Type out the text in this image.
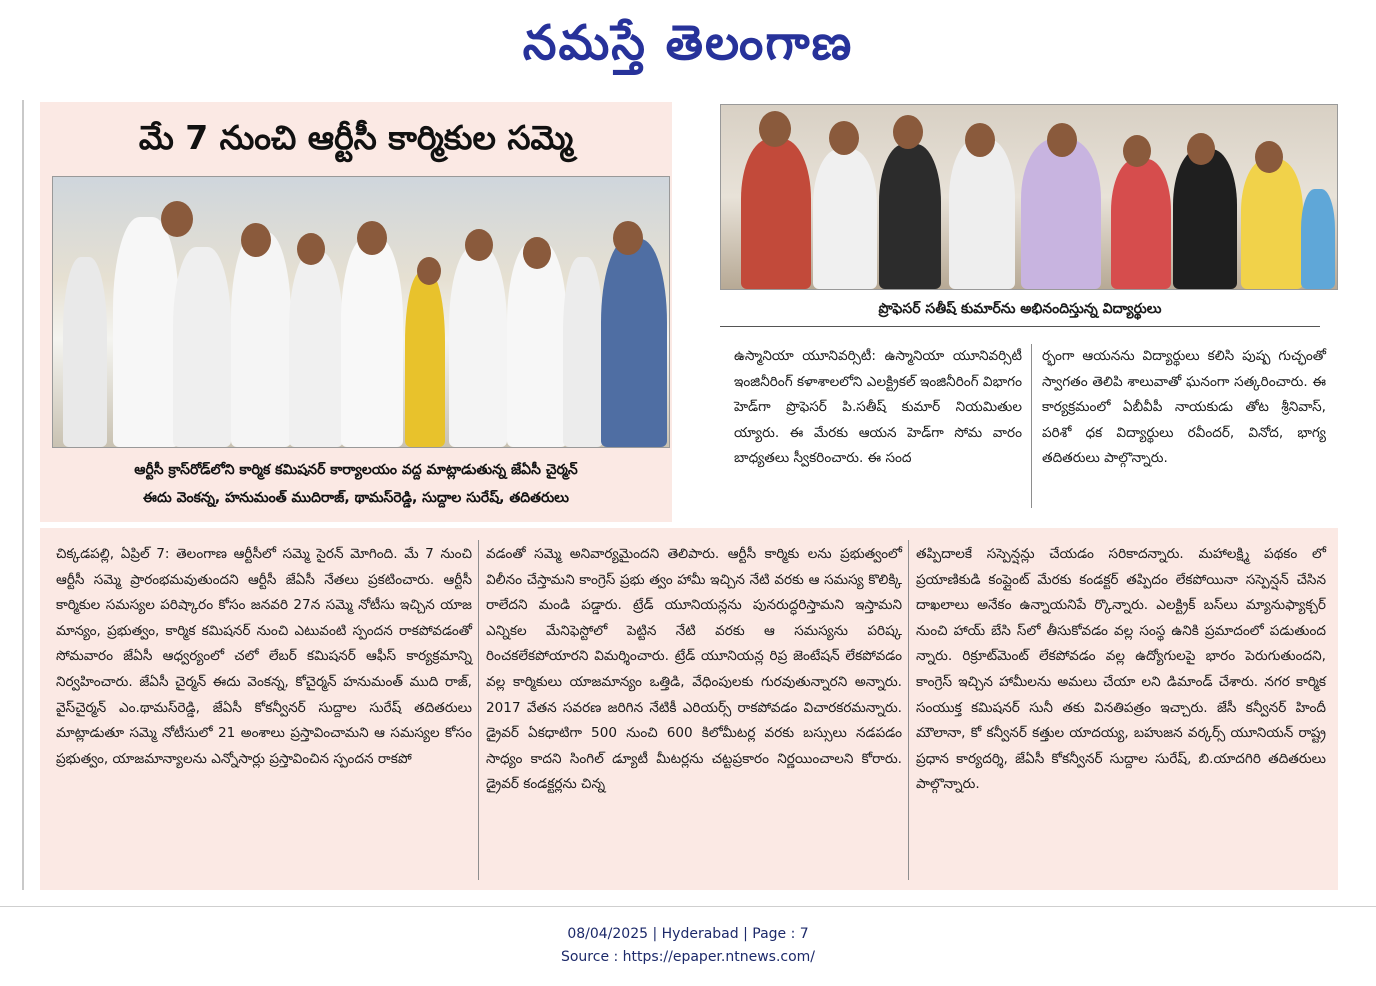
నమస్తే తెలంగాణ
మే 7 నుంచి ఆర్టీసీ కార్మికుల సమ్మె
ఆర్టీసీ క్రాస్‌రోడ్‌లోని కార్మిక కమిషనర్ కార్యాలయం వద్ద మాట్లాడుతున్న జేఏసీ చైర్మన్
ఈదు వెంకన్న, హనుమంత్ ముదిరాజ్, థామస్‌రెడ్డి, సుద్దాల సురేష్, తదితరులు
ప్రొఫెసర్ సతీష్ కుమార్‌ను అభినందిస్తున్న విద్యార్థులు
ఉస్మానియా యూనివర్సిటీ: ఉస్మానియా యూనివర్సిటీ ఇంజినీరింగ్ కళాశాలలోని ఎలక్ట్రికల్ ఇంజినీరింగ్ విభాగం హెడ్‌గా ప్రొఫెసర్ పి.సతీష్ కుమార్ నియమితుల య్యారు. ఈ మేరకు ఆయన హెడ్‌గా సోమ వారం బాధ్యతలు స్వీకరించారు. ఈ సంద
ర్భంగా ఆయనను విద్యార్థులు కలిసి పుష్ప గుచ్ఛంతో స్వాగతం తెలిపి శాలువాతో ఘనంగా సత్కరించారు. ఈ కార్యక్రమంలో ఏబీవీపీ నాయకుడు తోట శ్రీనివాస్, పరిశో ధక విద్యార్థులు రవీందర్, వినోద, భాగ్య తదితరులు పాల్గొన్నారు.
చిక్కడపల్లి, ఏప్రిల్ 7: తెలంగాణ ఆర్టీసీలో సమ్మె సైరన్ మోగింది. మే 7 నుంచి ఆర్టీసీ సమ్మె ప్రారంభమవుతుందని ఆర్టీసీ జేఏసీ నేతలు ప్రకటించారు. ఆర్టీసీ కార్మికుల సమస్యల పరిష్కారం కోసం జనవరి 27న సమ్మె నోటీసు ఇచ్చిన యాజ మాన్యం, ప్రభుత్వం, కార్మిక కమిషనర్ నుంచి ఎటువంటి స్పందన రాకపోవడంతో సోమవారం జేఏసీ ఆధ్వర్యంలో చలో లేబర్ కమిషనర్ ఆఫీస్ కార్యక్రమాన్ని నిర్వహించారు. జేఏసీ చైర్మన్ ఈదు వెంకన్న, కోచైర్మన్ హనుమంత్ ముది రాజ్, వైస్‌చైర్మన్ ఎం.థామస్‌రెడ్డి, జేఏసీ కోకన్వీనర్ సుద్దాల సురేష్ తదితరులు మాట్లాడుతూ సమ్మె నోటీసులో 21 అంశాలు ప్రస్తావించామని ఆ సమస్యల కోసం ప్రభుత్వం, యాజమాన్యాలను ఎన్నోసార్లు ప్రస్తావించిన స్పందన రాకపో
వడంతో సమ్మె అనివార్యమైందని తెలిపారు. ఆర్టీసీ కార్మికు లను ప్రభుత్వంలో విలీనం చేస్తామని కాంగ్రెస్ ప్రభు త్వం హామీ ఇచ్చిన నేటి వరకు ఆ సమస్య కొలిక్కి రాలేదని మండి పడ్డారు. ట్రేడ్ యూనియన్లను పునరుద్ధరిస్తామని ఇస్తామని ఎన్నికల మేనిఫెస్టోలో పెట్టిన నేటి వరకు ఆ సమస్యను పరిష్క రించకలేకపోయారని విమర్శించారు. ట్రేడ్ యూనియన్ల రిప్ర జెంటేషన్ లేకపోవడం వల్ల కార్మికులు యాజమాన్యం ఒత్తిడి, వేధింపులకు గురవుతున్నారని అన్నారు. 2017 వేతన సవరణ జరిగిన నేటికీ ఎరియర్స్ రాకపోవడం విచారకరమన్నారు. డ్రైవర్ ఏకధాటిగా 500 నుంచి 600 కిలోమీటర్ల వరకు బస్సులు నడపడం సాధ్యం కాదని సింగిల్ డ్యూటీ మీటర్లను చట్టప్రకారం నిర్ణయించాలని కోరారు. డ్రైవర్ కండక్టర్లను చిన్న
తప్పిదాలకే సస్పెన్షన్లు చేయడం సరికాదన్నారు. మహాలక్ష్మి పథకం లో ప్రయాణికుడి కంప్లైంట్ మేరకు కండక్టర్ తప్పిదం లేకపోయినా సస్పెన్షన్ చేసిన దాఖలాలు అనేకం ఉన్నాయనిపే ర్కొన్నారు. ఎలక్ట్రిక్ బస్‌లు మ్యానుఫ్యాక్చర్ నుంచి హాయ్ బేసి స్‌లో తీసుకోవడం వల్ల సంస్థ ఉనికి ప్రమాదంలో పడుతుంద న్నారు. రిక్రూట్‌మెంట్ లేకపోవడం వల్ల ఉద్యోగులపై భారం పెరుగుతుందని, కాంగ్రెస్ ఇచ్చిన హామీలను అమలు చేయా లని డిమాండ్ చేశారు. నగర కార్మిక సంయుక్త కమిషనర్ సునీ తకు వినతిపత్రం ఇచ్చారు. జేసీ కన్వీనర్ హిందీ మౌలానా, కో కన్వీనర్ కత్తుల యాదయ్య, బహుజన వర్కర్స్ యూనియన్ రాష్ట్ర ప్రధాన కార్యదర్శి, జేఏసీ కోకన్వీనర్ సుద్దాల సురేష్, బి.యాదగిరి తదితరులు పాల్గొన్నారు.
08/04/2025 | Hyderabad | Page : 7
Source : https://epaper.ntnews.com/
